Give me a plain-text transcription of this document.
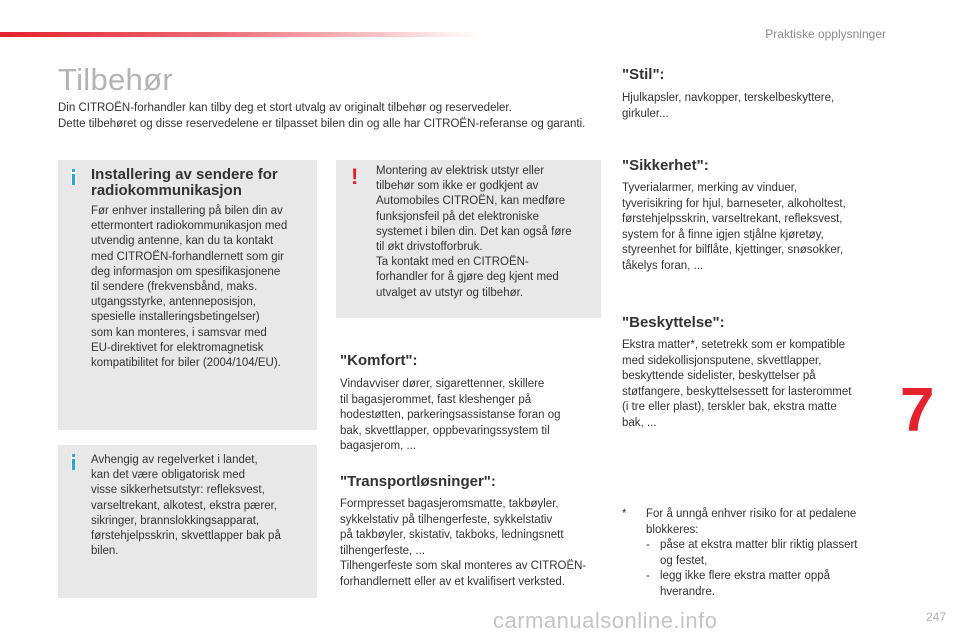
Praktiske opplysninger
Tilbehør

Din CITROËN-forhandler kan tilby deg et stort utvalg av originalt tilbehør og reservedeler.
Dette tilbehøret og disse reservedelene er tilpasset bilen din og alle har CITROËN-referanse og garanti.

Installering av sendere for
radiokommunikasjon

Før enhver installering på bilen din av
ettermontert radiokommunikasjon med
utvendig antenne, kan du ta kontakt
med CITROËN-forhandlernett som gir
deg informasjon om spesifikasjonene
til sendere (frekvensbånd, maks.
utgangsstyrke, antenneposisjon,
spesielle installeringsbetingelser)
som kan monteres, i samsvar med
EU-direktivet for elektromagnetisk
kompatibilitet for biler (2004/104/EU).

Avhengig av regelverket i landet,
kan det være obligatorisk med
visse sikkerhetsutstyr: refleksvest,
varseltrekant, alkotest, ekstra pærer,
sikringer, brannslokkingsapparat,
førstehjelpsskrin, skvettlapper bak på
bilen.

! Montering av elektrisk utstyr eller
tilbehør som ikke er godkjent av
Automobiles CITROËN, kan medføre
funksjonsfeil på det elektroniske
systemet i bilen din. Det kan også føre
til økt drivstofforbruk.
Ta kontakt med en CITROËN-
forhandler for å gjøre deg kjent med
utvalget av utstyr og tilbehør.

"Komfort":

Vindavviser dører, sigarettenner, skillere
til bagasjerommet, fast kleshenger på
hodestøtten, parkeringsassistanse foran og
bak, skvettlapper, oppbevaringssystem til
bagasjerom, ...

"Transportløsninger":

Formpresset bagasjeromsmatte, takbøyler,
sykkelstativ på tilhengerfeste, sykkelstativ
på takbøyler, skistativ, takboks, ledningsnett
tilhengerfeste, ...
Tilhengerfeste som skal monteres av CITROËN-
forhandlernett eller av et kvalifisert verksted.

"Stil":

Hjulkapsler, navkopper, terskelbeskyttere,
girkuler...

"Sikkerhet":

Tyverialarmer, merking av vinduer,
tyverisikring for hjul, barneseter, alkoholtest,
førstehjelpsskrin, varseltrekant, refleksvest,
system for å finne igjen stjålne kjøretøy,
styreenhet for bilflåte, kjettinger, snøsokker,
tåkelys foran, ...

"Beskyttelse":

Ekstra matter*, setetrekk som er kompatible
med sidekollisjonsputene, skvettlapper,
beskyttende sidelister, beskyttelser på
støtfangere, beskyttelsessett for lasterommet
(i tre eller plast), terskler bak, ekstra matte
bak, ...

*	For å unngå enhver risiko for at pedalene
blokkeres:
- påse at ekstra matter blir riktig plassert
og festet,
- legg ikke flere ekstra matter oppå
hverandre.
7
carmanualsonline.info	247
